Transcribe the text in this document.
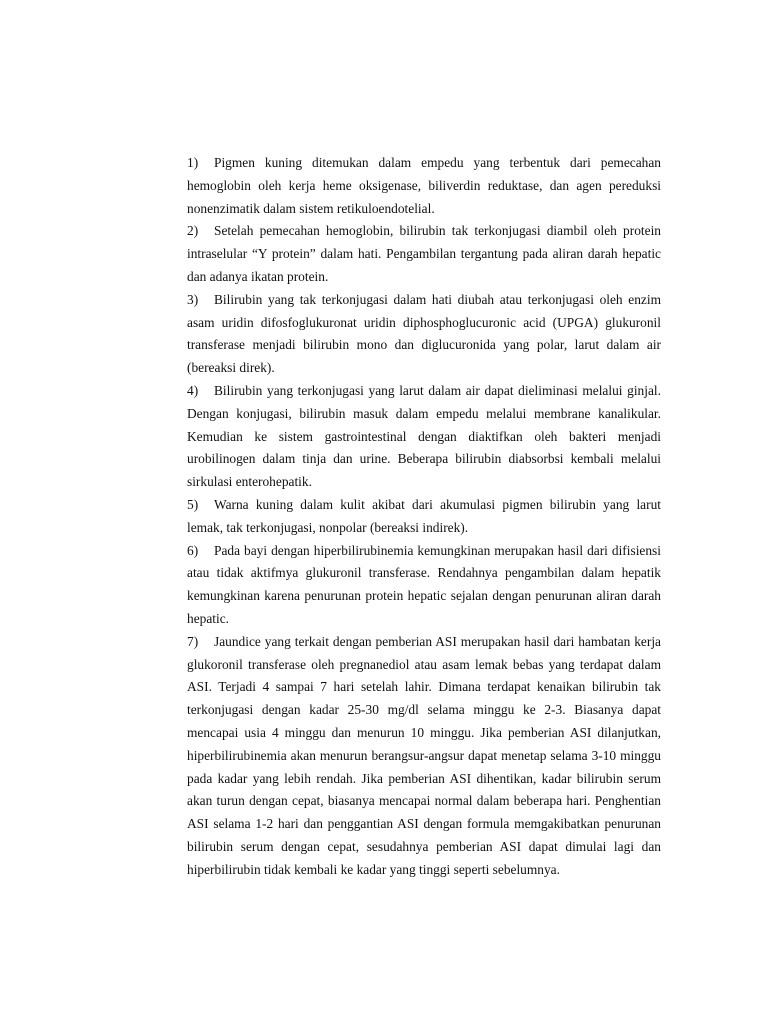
1) Pigmen kuning ditemukan dalam empedu yang terbentuk dari pemecahan hemoglobin oleh kerja heme oksigenase, biliverdin reduktase, dan agen pereduksi nonenzimatik dalam sistem retikuloendotelial.

2) Setelah pemecahan hemoglobin, bilirubin tak terkonjugasi diambil oleh protein intraselular “Y protein” dalam hati. Pengambilan tergantung pada aliran darah hepatic dan adanya ikatan protein.

3) Bilirubin yang tak terkonjugasi dalam hati diubah atau terkonjugasi oleh enzim asam uridin difosfoglukuronat uridin diphosphoglucuronic acid (UPGA) glukuronil transferase menjadi bilirubin mono dan diglucuronida yang polar, larut dalam air (bereaksi direk).

4) Bilirubin yang terkonjugasi yang larut dalam air dapat dieliminasi melalui ginjal. Dengan konjugasi, bilirubin masuk dalam empedu melalui membrane kanalikular. Kemudian ke sistem gastrointestinal dengan diaktifkan oleh bakteri menjadi urobilinogen dalam tinja dan urine. Beberapa bilirubin diabsorbsi kembali melalui sirkulasi enterohepatik.

5) Warna kuning dalam kulit akibat dari akumulasi pigmen bilirubin yang larut lemak, tak terkonjugasi, nonpolar (bereaksi indirek).

6) Pada bayi dengan hiperbilirubinemia kemungkinan merupakan hasil dari difisiensi atau tidak aktifmya glukuronil transferase. Rendahnya pengambilan dalam hepatik kemungkinan karena penurunan protein hepatic sejalan dengan penurunan aliran darah hepatic.

7) Jaundice yang terkait dengan pemberian ASI merupakan hasil dari hambatan kerja glukoronil transferase oleh pregnanediol atau asam lemak bebas yang terdapat dalam ASI. Terjadi 4 sampai 7 hari setelah lahir. Dimana terdapat kenaikan bilirubin tak terkonjugasi dengan kadar 25-30 mg/dl selama minggu ke 2-3. Biasanya dapat mencapai usia 4 minggu dan menurun 10 minggu. Jika pemberian ASI dilanjutkan, hiperbilirubinemia akan menurun berangsur-angsur dapat menetap selama 3-10 minggu pada kadar yang lebih rendah. Jika pemberian ASI dihentikan, kadar bilirubin serum akan turun dengan cepat, biasanya mencapai normal dalam beberapa hari. Penghentian ASI selama 1-2 hari dan penggantian ASI dengan formula memgakibatkan penurunan bilirubin serum dengan cepat, sesudahnya pemberian ASI dapat dimulai lagi dan hiperbilirubin tidak kembali ke kadar yang tinggi seperti sebelumnya.
